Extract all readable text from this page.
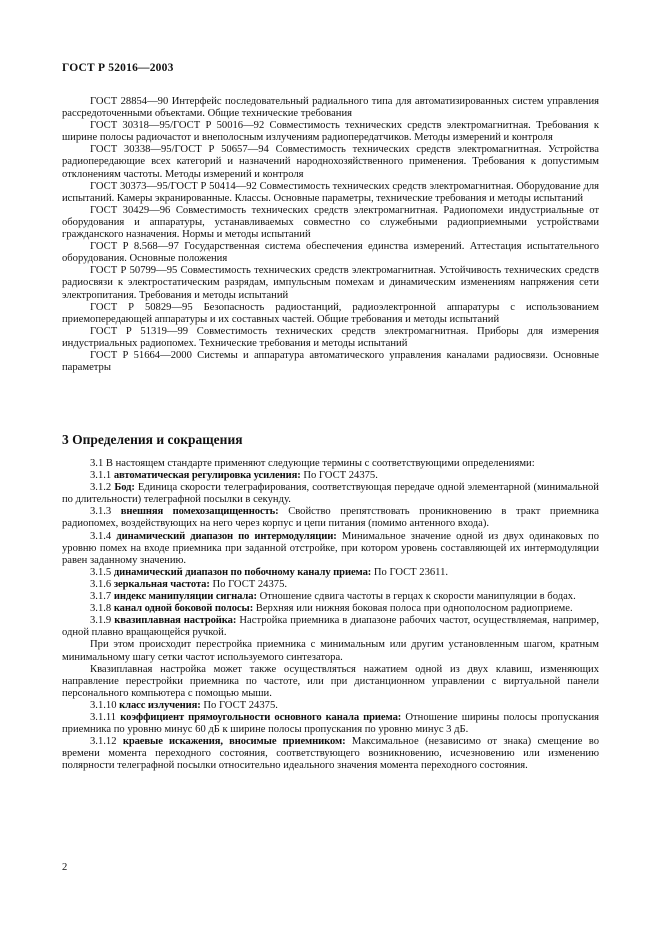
ГОСТ Р 52016—2003

ГОСТ 28854—90 Интерфейс последовательный радиального типа для автоматизированных систем управления рассредоточенными объектами. Общие технические требования

ГОСТ 30318—95/ГОСТ Р 50016—92 Совместимость технических средств электромагнитная. Требования к ширине полосы радиочастот и внеполосным излучениям радиопередатчиков. Методы измерений и контроля

ГОСТ 30338—95/ГОСТ Р 50657—94 Совместимость технических средств электромагнитная. Устройства радиопередающие всех категорий и назначений народнохозяйственного применения. Требования к допустимым отклонениям частоты. Методы измерений и контроля

ГОСТ 30373—95/ГОСТ Р 50414—92 Совместимость технических средств электромагнитная. Оборудование для испытаний. Камеры экранированные. Классы. Основные параметры, технические требования и методы испытаний

ГОСТ 30429—96 Совместимость технических средств электромагнитная. Радиопомехи индустриальные от оборудования и аппаратуры, устанавливаемых совместно со служебными радиоприемными устройствами гражданского назначения. Нормы и методы испытаний

ГОСТ Р 8.568—97 Государственная система обеспечения единства измерений. Аттестация испытательного оборудования. Основные положения

ГОСТ Р 50799—95 Совместимость технических средств электромагнитная. Устойчивость технических средств радиосвязи к электростатическим разрядам, импульсным помехам и динамическим изменениям напряжения сети электропитания. Требования и методы испытаний

ГОСТ Р 50829—95 Безопасность радиостанций, радиоэлектронной аппаратуры с использованием приемопередающей аппаратуры и их составных частей. Общие требования и методы испытаний

ГОСТ Р 51319—99 Совместимость технических средств электромагнитная. Приборы для измерения индустриальных радиопомех. Технические требования и методы испытаний

ГОСТ Р 51664—2000 Системы и аппаратура автоматического управления каналами радиосвязи. Основные параметры

3 Определения и сокращения

3.1 В настоящем стандарте применяют следующие термины с соответствующими определениями:

3.1.1 автоматическая регулировка усиления: По ГОСТ 24375.

3.1.2 Бод: Единица скорости телеграфирования, соответствующая передаче одной элементарной (минимальной по длительности) телеграфной посылки в секунду.

3.1.3 внешняя помехозащищенность: Свойство препятствовать проникновению в тракт приемника радиопомех, воздействующих на него через корпус и цепи питания (помимо антенного входа).

3.1.4 динамический диапазон по интермодуляции: Минимальное значение одной из двух одинаковых по уровню помех на входе приемника при заданной отстройке, при котором уровень составляющей их интермодуляции равен заданному значению.

3.1.5 динамический диапазон по побочному каналу приема: По ГОСТ 23611.

3.1.6 зеркальная частота: По ГОСТ 24375.

3.1.7 индекс манипуляции сигнала: Отношение сдвига частоты в герцах к скорости манипуляции в бодах.

3.1.8 канал одной боковой полосы: Верхняя или нижняя боковая полоса при однополосном радиоприеме.

3.1.9 квазиплавная настройка: Настройка приемника в диапазоне рабочих частот, осуществляемая, например, одной плавно вращающейся ручкой.

При этом происходит перестройка приемника с минимальным или другим установленным шагом, кратным минимальному шагу сетки частот используемого синтезатора.

Квазиплавная настройка может также осуществляться нажатием одной из двух клавиш, изменяющих направление перестройки приемника по частоте, или при дистанционном управлении с виртуальной панели персонального компьютера с помощью мыши.

3.1.10 класс излучения: По ГОСТ 24375.

3.1.11 коэффициент прямоугольности основного канала приема: Отношение ширины полосы пропускания приемника по уровню минус 60 дБ к ширине полосы пропускания по уровню минус 3 дБ.

3.1.12 краевые искажения, вносимые приемником: Максимальное (независимо от знака) смещение во времени момента переходного состояния, соответствующего возникновению, исчезновению или изменению полярности телеграфной посылки относительно идеального значения момента переходного состояния.

2
